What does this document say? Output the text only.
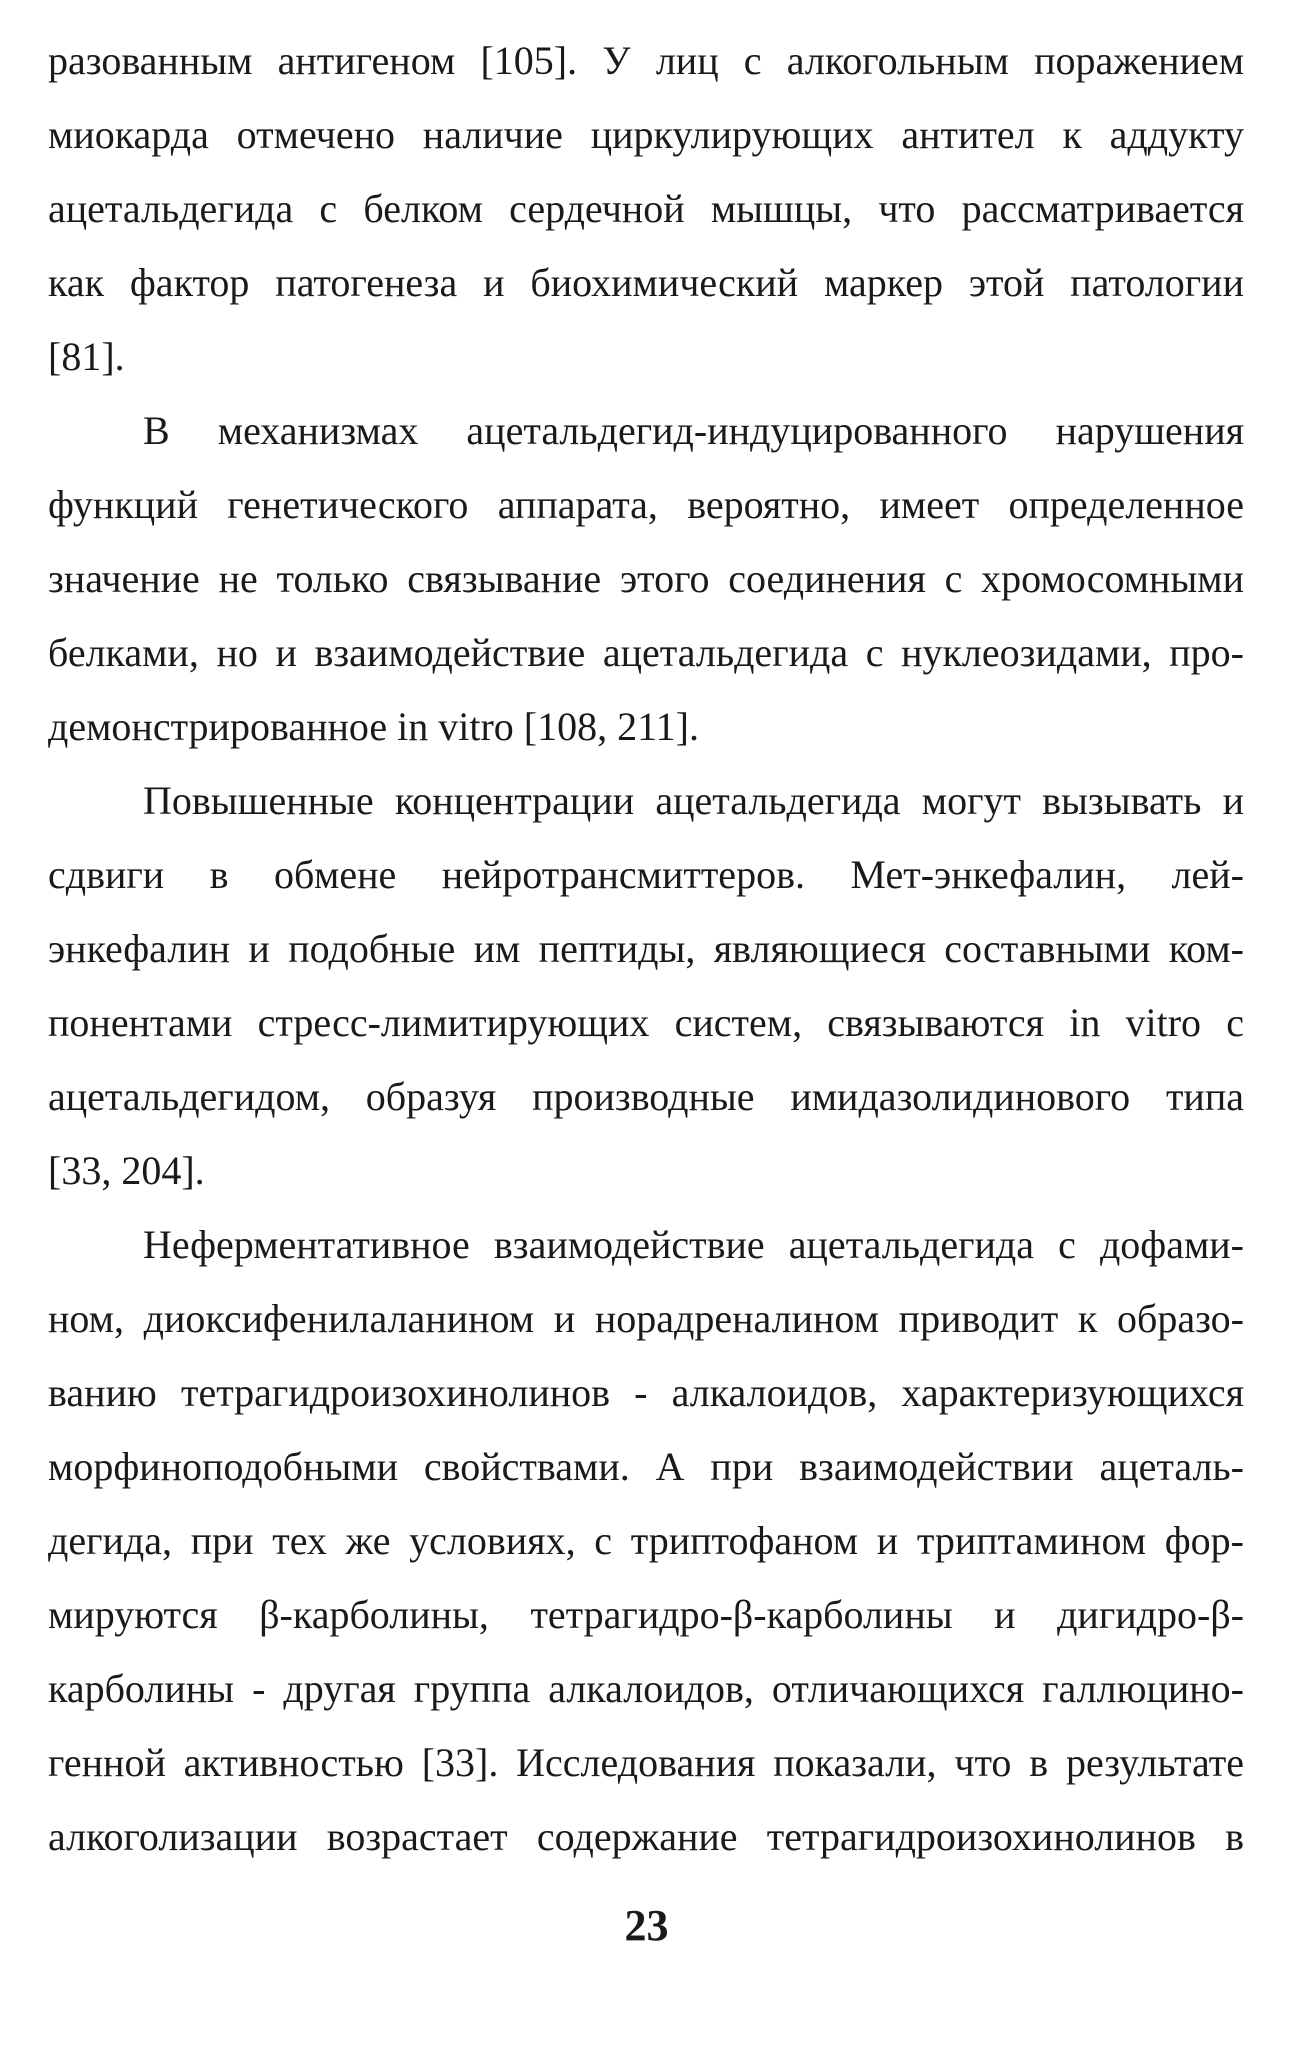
разованным антигеном [105]. У лиц с алкогольным поражением
миокарда отмечено наличие циркулирующих антител к аддукту
ацетальдегида с белком сердечной мышцы, что рассматривается
как фактор патогенеза и биохимический маркер этой патологии
[81].
В механизмах ацетальдегид-индуцированного нарушения
функций генетического аппарата, вероятно, имеет определенное
значение не только связывание этого соединения с хромосомными
белками, но и взаимодействие ацетальдегида с нуклеозидами, про-
демонстрированное in vitro [108, 211].
Повышенные концентрации ацетальдегида могут вызывать и
сдвиги в обмене нейротрансмиттеров. Мет-энкефалин, лей-
энкефалин и подобные им пептиды, являющиеся составными ком-
понентами стресс-лимитирующих систем, связываются in vitro с
ацетальдегидом, образуя производные имидазолидинового типа
[33, 204].
Неферментативное взаимодействие ацетальдегида с дофами-
ном, диоксифенилаланином и норадреналином приводит к образо-
ванию тетрагидроизохинолинов - алкалоидов, характеризующихся
морфиноподобными свойствами. А при взаимодействии ацеталь-
дегида, при тех же условиях, с триптофаном и триптамином фор-
мируются β-карболины, тетрагидро-β-карболины и дигидро-β-
карболины - другая группа алкалоидов, отличающихся галлюцино-
генной активностью [33]. Исследования показали, что в результате
алкоголизации возрастает содержание тетрагидроизохинолинов в
23
